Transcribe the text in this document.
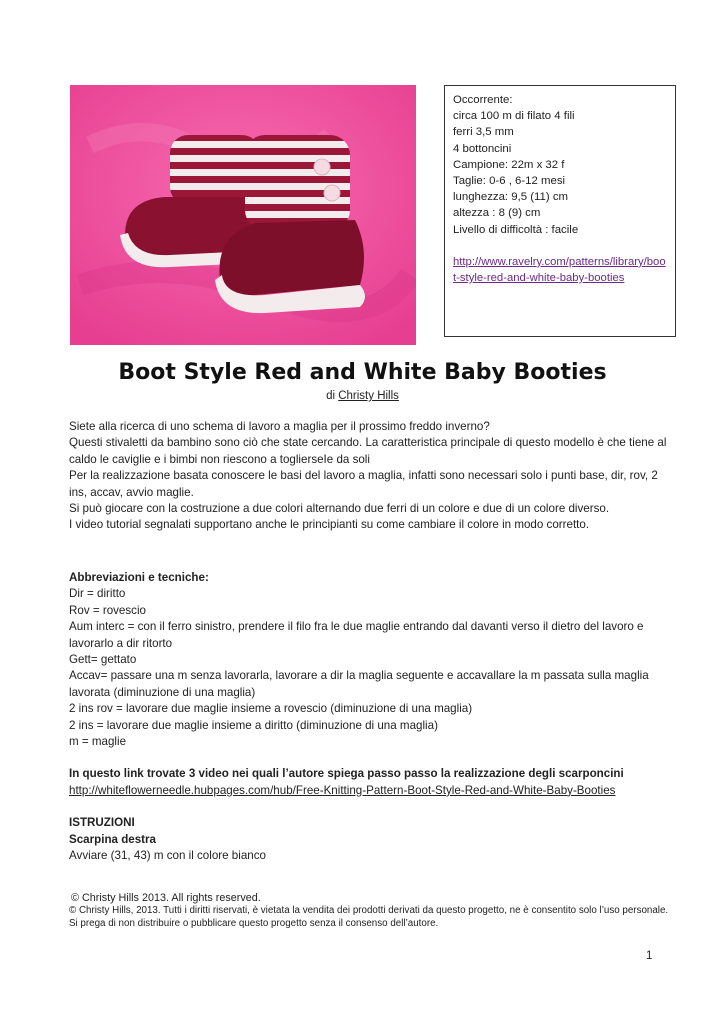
Occorrente:
circa 100 m di filato 4 fili
ferri 3,5 mm
4 bottoncini
Campione: 22m x 32 f
Taglie: 0-6 , 6-12 mesi
lunghezza: 9,5 (11) cm
altezza : 8 (9) cm
Livello di difficoltà : facile
http://www.ravelry.com/patterns/library/boot-style-red-and-white-baby-booties
Boot Style Red and White Baby Booties
di Christy Hills

Siete alla ricerca di uno schema di lavoro a maglia per il prossimo freddo inverno?

Questi stivaletti da bambino sono ciò che state cercando. La caratteristica principale di questo modello è che tiene al caldo le caviglie e i bimbi non riescono a toglierseIe da soli

Per la realizzazione basata conoscere le basi del lavoro a maglia, infatti sono necessari solo i punti base, dir, rov, 2 ins, accav, avvio maglie.

Si può giocare con la costruzione a due colori alternando due ferri di un colore e due di un colore diverso.

I video tutorial segnalati supportano anche le principianti su come cambiare il colore in modo corretto.

Abbreviazioni e tecniche:

Dir = diritto

Rov = rovescio

Aum interc = con il ferro sinistro, prendere il filo fra le due maglie entrando dal davanti verso il dietro del lavoro e lavorarlo a dir ritorto

Gett= gettato

Accav= passare una m senza lavorarla, lavorare a dir la maglia seguente e accavallare la m passata sulla maglia lavorata (diminuzione di una maglia)

2 ins rov = lavorare due maglie insieme a rovescio (diminuzione di una maglia)

2 ins = lavorare due maglie insieme a diritto (diminuzione di una maglia)

m = maglie

In questo link trovate 3 video nei quali l’autore spiega passo passo la realizzazione degli scarponcini

http://whiteflowerneedle.hubpages.com/hub/Free-Knitting-Pattern-Boot-Style-Red-and-White-Baby-Booties

ISTRUZIONI

Scarpina destra

Avviare (31, 43) m con il colore bianco

© Christy Hills 2013. All rights reserved.
© Christy Hills, 2013. Tutti i diritti riservati, è vietata la vendita dei prodotti derivati da questo progetto, ne è consentito solo l’uso personale. Si prega di non distribuire o pubblicare questo progetto senza il consenso dell’autore.
1
